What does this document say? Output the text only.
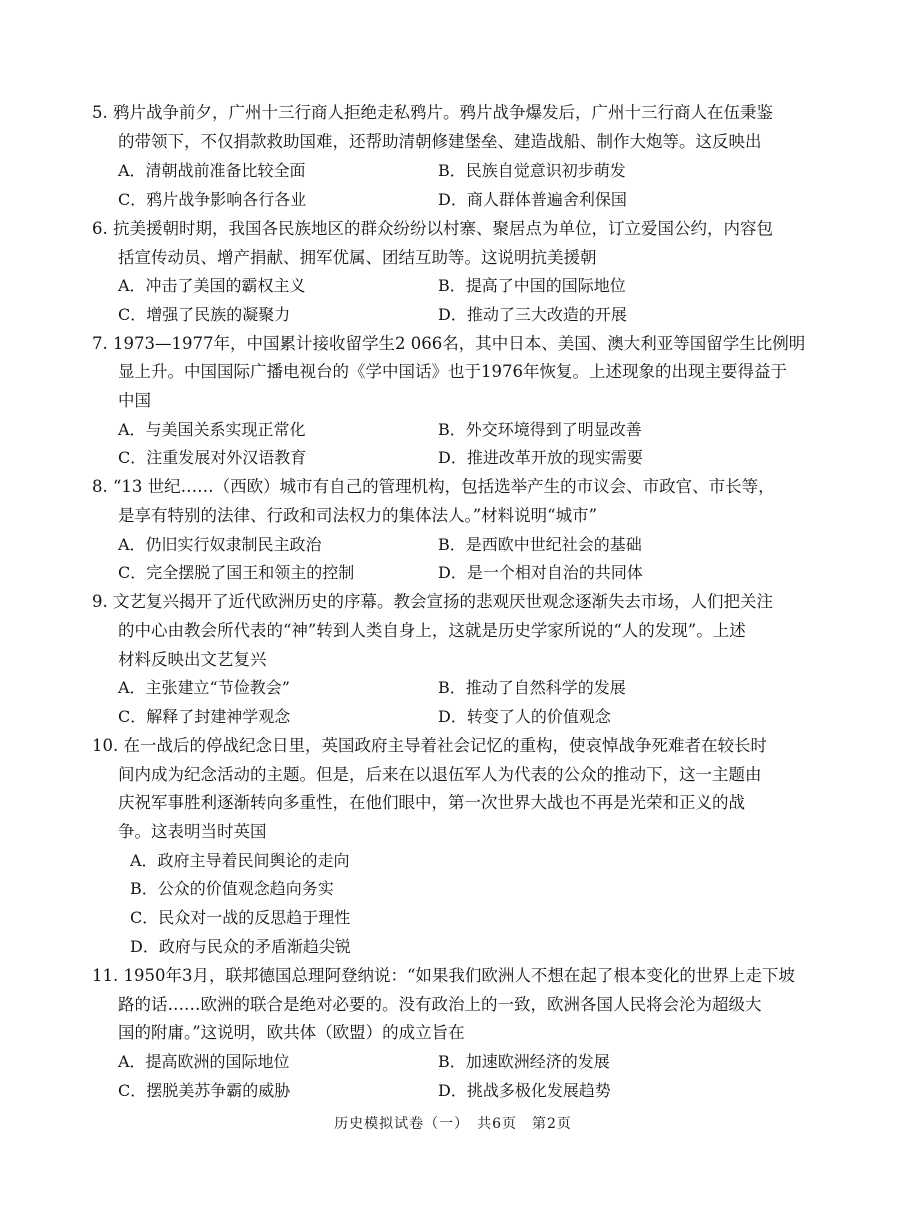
5. 鸦片战争前夕，广州十三行商人拒绝走私鸦片。鸦片战争爆发后，广州十三行商人在伍秉鉴
的带领下，不仅捐款救助国难，还帮助清朝修建堡垒、建造战船、制作大炮等。这反映出
A．清朝战前准备比较全面	B．民族自觉意识初步萌发
C．鸦片战争影响各行各业	D．商人群体普遍舍利保国
6. 抗美援朝时期，我国各民族地区的群众纷纷以村寨、聚居点为单位，订立爱国公约，内容包
括宣传动员、增产捐献、拥军优属、团结互助等。这说明抗美援朝
A．冲击了美国的霸权主义	B．提高了中国的国际地位
C．增强了民族的凝聚力	D．推动了三大改造的开展
7. 1973—1977年，中国累计接收留学生2 066名，其中日本、美国、澳大利亚等国留学生比例明
显上升。中国国际广播电视台的《学中国话》也于1976年恢复。上述现象的出现主要得益于
中国
A．与美国关系实现正常化	B．外交环境得到了明显改善
C．注重发展对外汉语教育	D．推进改革开放的现实需要
8. “13 世纪……（西欧）城市有自己的管理机构，包括选举产生的市议会、市政官、市长等，
是享有特别的法律、行政和司法权力的集体法人。”材料说明“城市”
A．仍旧实行奴隶制民主政治	B．是西欧中世纪社会的基础
C．完全摆脱了国王和领主的控制	D．是一个相对自治的共同体
9. 文艺复兴揭开了近代欧洲历史的序幕。教会宣扬的悲观厌世观念逐渐失去市场，人们把关注
的中心由教会所代表的“神”转到人类自身上，这就是历史学家所说的“人的发现”。上述
材料反映出文艺复兴
A．主张建立“节俭教会”	B．推动了自然科学的发展
C．解释了封建神学观念	D．转变了人的价值观念
10. 在一战后的停战纪念日里，英国政府主导着社会记忆的重构，使哀悼战争死难者在较长时
间内成为纪念活动的主题。但是，后来在以退伍军人为代表的公众的推动下，这一主题由
庆祝军事胜利逐渐转向多重性，在他们眼中，第一次世界大战也不再是光荣和正义的战
争。这表明当时英国
A．政府主导着民间舆论的走向
B．公众的价值观念趋向务实
C．民众对一战的反思趋于理性
D．政府与民众的矛盾渐趋尖锐
11. 1950年3月，联邦德国总理阿登纳说：“如果我们欧洲人不想在起了根本变化的世界上走下坡
路的话……欧洲的联合是绝对必要的。没有政治上的一致，欧洲各国人民将会沦为超级大
国的附庸。”这说明，欧共体（欧盟）的成立旨在
A．提高欧洲的国际地位	B．加速欧洲经济的发展
C．摆脱美苏争霸的威胁	D．挑战多极化发展趋势
历史模拟试卷（一）　共6页　第2页
